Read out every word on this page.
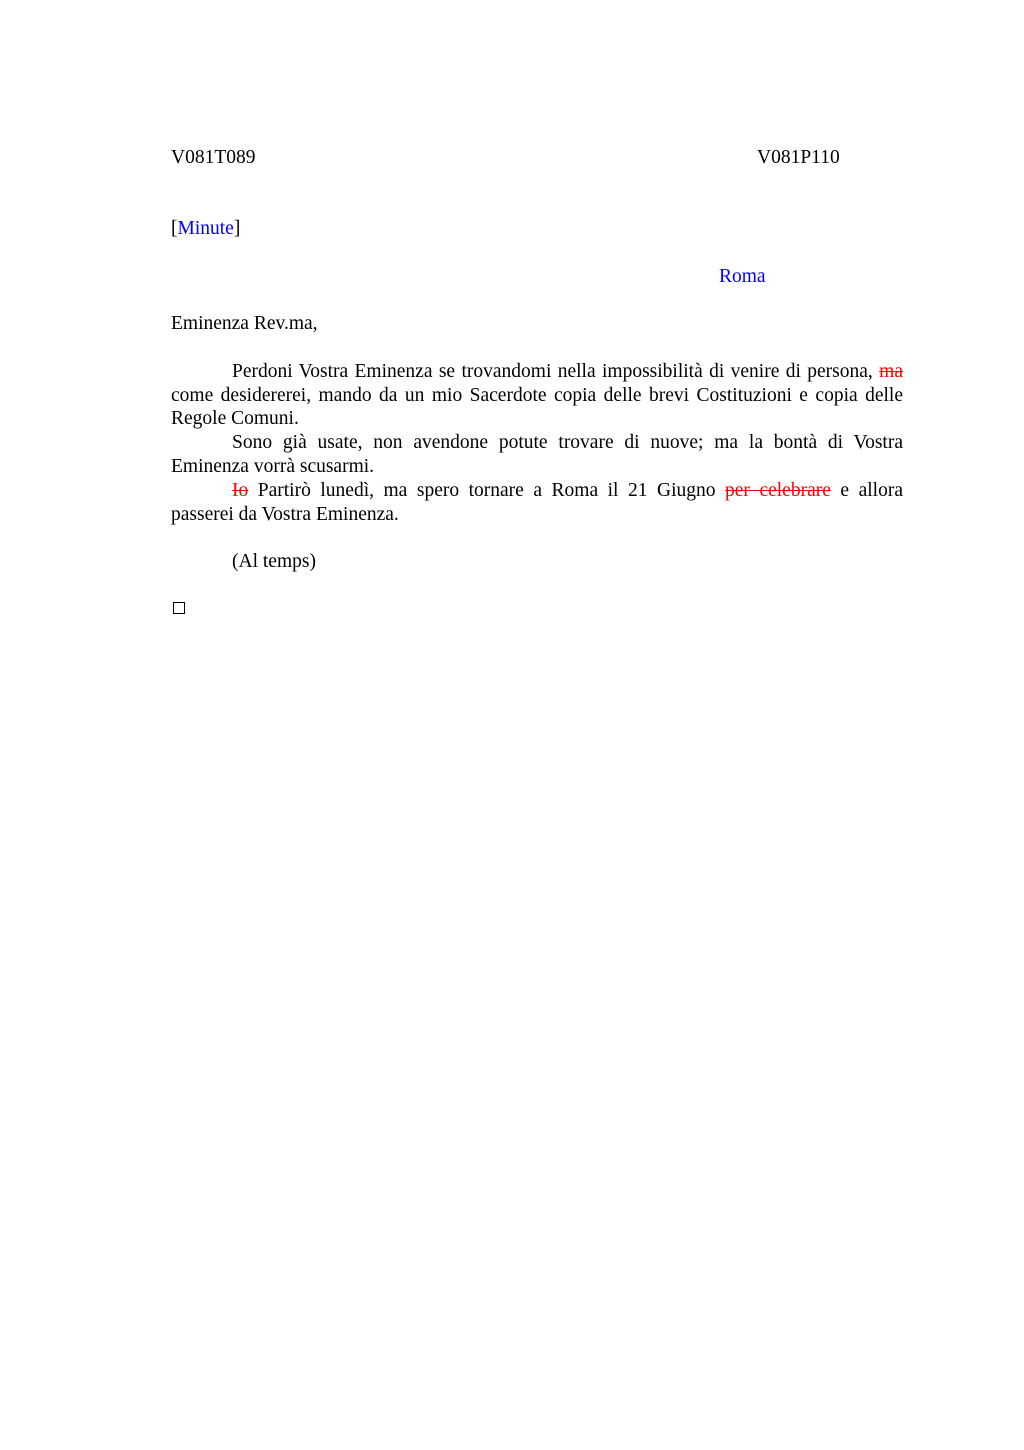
V081T089	V081P110
[Minute]
Roma
Eminenza Rev.ma,
Perdoni Vostra Eminenza se trovandomi nella impossibilità di venire di persona, ma come desidererei, mando da un mio Sacerdote copia delle brevi Costituzioni e copia delle Regole Comuni.
Sono già usate, non avendone potute trovare di nuove; ma la bontà di Vostra Eminenza vorrà scusarmi.
Io Partirò lunedì, ma spero tornare a Roma il 21 Giugno per celebrare e allora passerei da Vostra Eminenza.
(Al temps)
